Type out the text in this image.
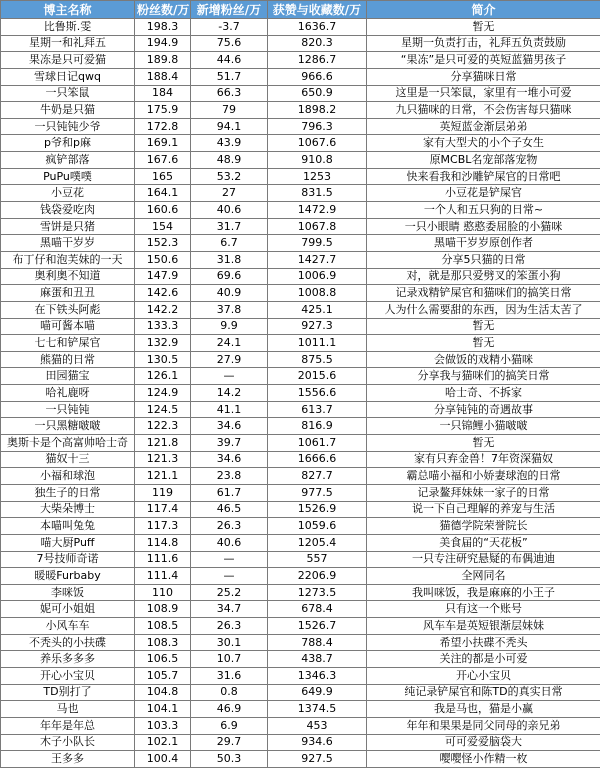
博主名称	粉丝数/万	新增粉丝/万	获赞与收藏数/万	简介
比鲁斯.雯	198.3	-3.7	1636.7	暂无
星期一和礼拜五	194.9	75.6	820.3	星期一负责打击，礼拜五负责鼓励
果冻是只可爱猫	189.8	44.6	1286.7	“果冻”是只可爱的英短蓝猫男孩子
雪球日记qwq	188.4	51.7	966.6	分享猫咪日常
一只笨鼠	184	66.3	650.9	这里是一只笨鼠，家里有一堆小可爱
牛奶是只猫	175.9	79	1898.2	九只猫咪的日常，不会伤害每只猫咪
一只钝钝少爷	172.8	94.1	796.3	英短蓝金渐层弟弟
p爷和p麻	169.1	43.9	1067.6	家有大型犬的小个子女生
疯铲部落	167.6	48.9	910.8	原MCBL名宠部落宠物
PuPu噗噗	165	53.2	1253	快来看我和沙雕铲屎官的日常吧
小豆花	164.1	27	831.5	小豆花是铲屎官
钱袋爱吃肉	160.6	40.6	1472.9	一个人和五只狗的日常~
雪饼是只猪	154	31.7	1067.8	一只小眼睛 憨憨委屈脸的小猫咪
黑喵干岁岁	152.3	6.7	799.5	黑喵干岁岁原创作者
布丁仔和泡芙妹的一天	150.6	31.8	1427.7	分享5只猫的日常
奥利奥不知道	147.9	69.6	1006.9	对，就是那只爱劈叉的笨蛋小狗
麻蛋和丑丑	142.6	40.9	1008.8	记录戏精铲屎官和猫咪们的搞笑日常
在下铁头阿彪	142.2	37.8	425.1	人为什么需要甜的东西，因为生活太苦了
喵可酱本喵	133.3	9.9	927.3	暂无
七七和铲屎官	132.9	24.1	1011.1	暂无
熊猫的日常	130.5	27.9	875.5	会做饭的戏精小猫咪
田园猫宝	126.1	—	2015.6	分享我与猫咪们的搞笑日常
哈礼鹿呀	124.9	14.2	1556.6	哈士奇、不拆家
一只钝钝	124.5	41.1	613.7	分享钝钝的奇遇故事
一只黑糖啵啵	122.3	34.6	816.9	一只锦鲤小猫啵啵
奥斯卡是个高富帅哈士奇	121.8	39.7	1061.7	暂无
猫奴十三	121.3	34.6	1666.6	家有只弃金兽！7年资深猫奴
小福和球泡	121.1	23.8	827.7	霸总喵小福和小娇妻球泡的日常
独生子的日常	119	61.7	977.5	记录鳌拜妹妹一家子的日常
大柴朵博士	117.4	46.5	1526.9	说一下自己理解的养宠与生活
本喵叫兔兔	117.3	26.3	1059.6	猫德学院荣誉院长
喵大厨Puff	114.8	40.6	1205.4	美食届的“天花板”
7号技师奇诺	111.6	—	557	一只专注研究悬疑的布偶迪迪
暖暖Furbaby	111.4	—	2206.9	全网同名
李咪饭	110	25.2	1273.5	我叫咪饭，我是麻麻的小王子
妮可小姐姐	108.9	34.7	678.4	只有这一个账号
小风车车	108.5	26.3	1526.7	风车车是英短银渐层妹妹
不秃头的小扶碟	108.3	30.1	788.4	希望小扶碟不秃头
养乐多多多	106.5	10.7	438.7	关注的都是小可爱
开心小宝贝	105.7	31.6	1346.3	开心小宝贝
TD别打了	104.8	0.8	649.9	纯记录铲屎官和陈TD的真实日常
马也	104.1	46.9	1374.5	我是马也，猫是小赢
年年是年总	103.3	6.9	453	年年和果果是同父同母的亲兄弟
木子小队长	102.1	29.7	934.6	可可爱爱脑袋大
王多多	100.4	50.3	927.5	嘤嘤怪小作精一枚
